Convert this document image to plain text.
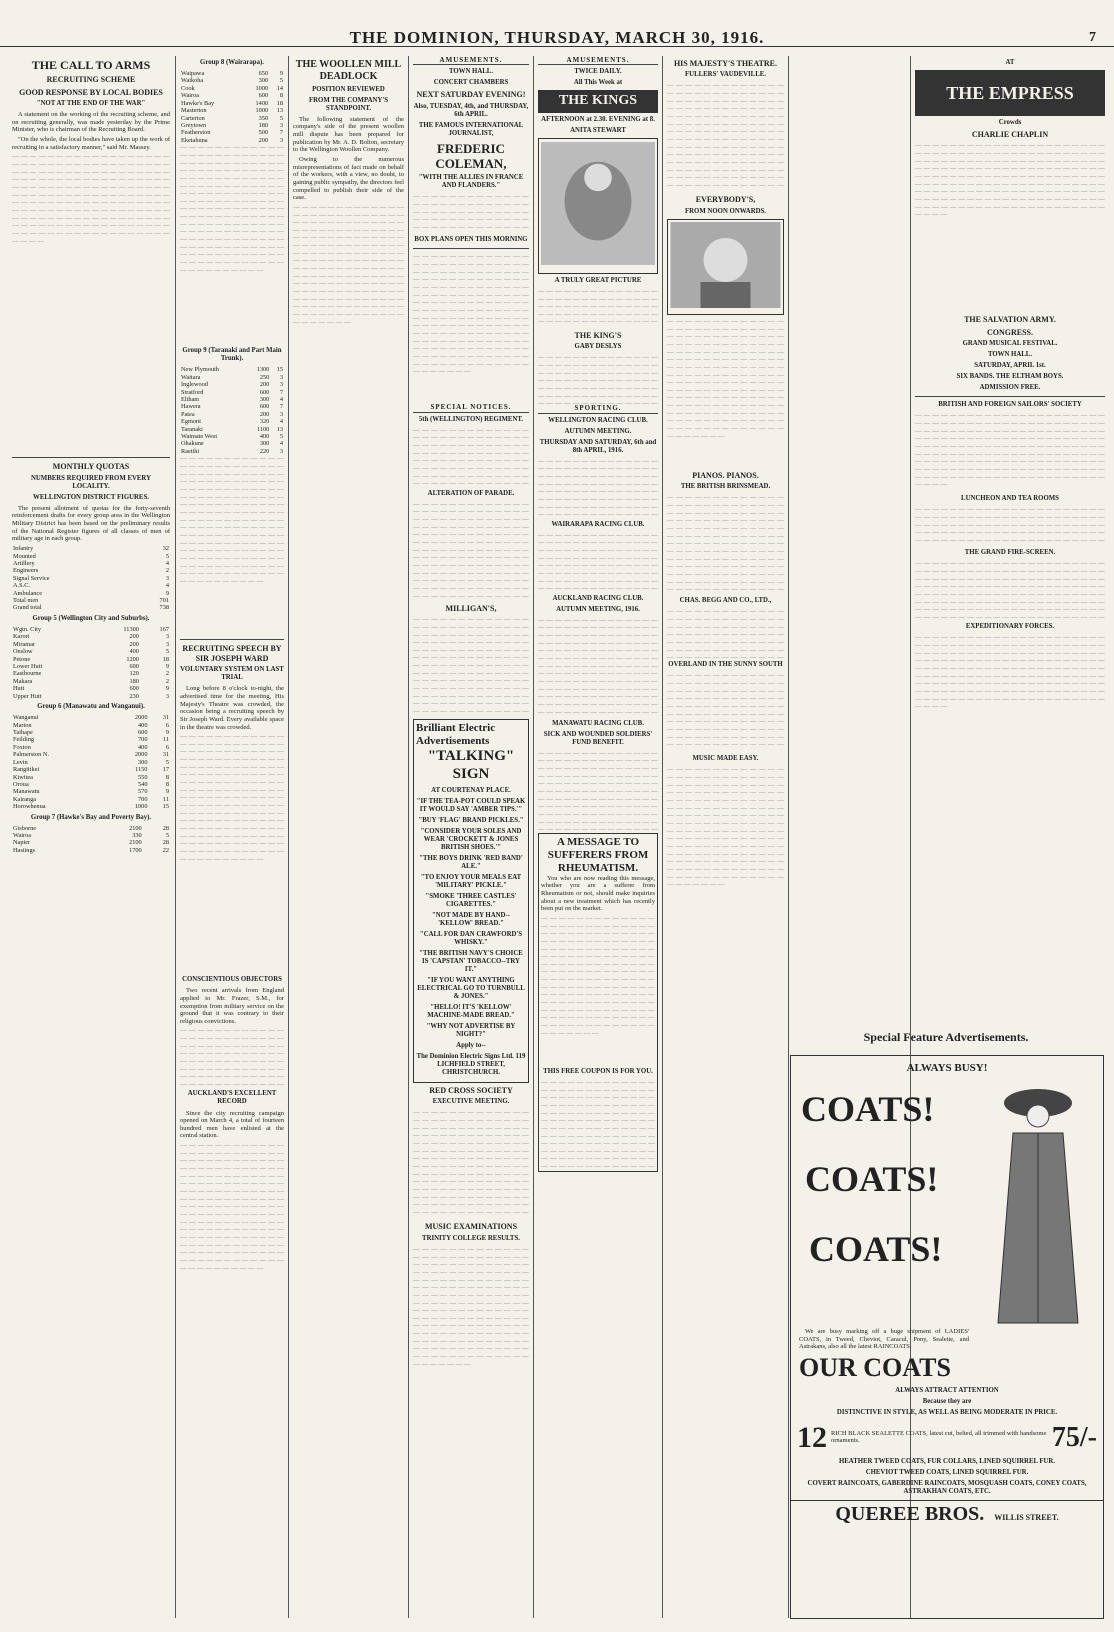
THE DOMINION, THURSDAY, MARCH 30, 1916.	7
THE CALL TO ARMS
RECRUITING SCHEME
GOOD RESPONSE BY LOCAL BODIES
"NOT AT THE END OF THE WAR"
A statement on the working of the recruiting scheme, and on recruiting generally, was made yesterday by the Prime Minister, who is chairman of the Recruiting Board.
"On the whole, the local bodies have taken up the work of recruiting in a satisfactory manner," said Mr. Massey.
— — —
MONTHLY QUOTAS
NUMBERS REQUIRED FROM EVERY LOCALITY.
WELLINGTON DISTRICT FIGURES.
The present allotment of quotas for the forty-seventh reinforcement drafts for every group area in the Wellington Military District has been based on the preliminary results of the National Register figures of all classes of men of military age in each group.
Infantry	32
Mounted	5
Artillery	4
Engineers	2
Signal Service	3
A.S.C.	4
Ambulance	9
Total men	701
Grand total	738
Group 5 (Wellington City and Suburbs).
Wgtn. City	11300	167
Karori	200	3
Miramar	200	3
Onslow	400	5
Petone	1200	18
Lower Hutt	600	9
Eastbourne	120	2
Makara	180	2
Hutt	600	9
Upper Hutt	230	3
Group 6 (Manawatu and Wanganui).
Wanganui	2000	31
Marton	400	6
Taihape	600	9
Feilding	700	11
Foxton	400	6
Palmerston N.	2000	31
Levin	300	5
Rangitikei	1150	17
Kiwitea	550	8
Oroua	540	8
Manawatu	570	9
Kairanga	700	11
Horowhenua	1000	15
Group 7 (Hawke's Bay and Poverty Bay).
Gisborne	2100	28
Wairoa	330	5
Napier	2100	28
Hastings	1700	22
Group 8 (Wairarapa).
Waipawa	650	9
Waikoha	300	5
Cook	1000	14
Wairoa	600	8
Hawke's Bay	1400	18
Masterton	1000	13
Carterton	350	5
Greytown	180	3
Featherston	500	7
Eketahuna	200	3
— — —
Group 9 (Taranaki and Part Main Trunk).
New Plymouth	1300	15
Waitara	250	3
Inglewood	200	3
Stratford	600	7
Eltham	300	4
Hawera	600	7
Patea	200	3
Egmont	320	4
Taranaki	1100	13
Waimate West	400	5
Ohakune	300	4
Raetihi	220	3
— — —
RECRUITING SPEECH BY SIR JOSEPH WARD
VOLUNTARY SYSTEM ON LAST TRIAL
Long before 8 o'clock to-night, the advertised time for the meeting, His Majesty's Theatre was crowded, the occasion being a recruiting speech by Sir Joseph Ward. Every available space in the theatre was crowded.
— — —
CONSCIENTIOUS OBJECTORS
Two recent arrivals from England applied to Mr. Frazer, S.M., for exemption from military service on the ground that it was contrary to their religious convictions.
— — —
AUCKLAND'S EXCELLENT RECORD
Since the city recruiting campaign opened on March 4, a total of fourteen hundred men have enlisted at the central station.
— — —
THE WOOLLEN MILL DEADLOCK
POSITION REVIEWED
FROM THE COMPANY'S STANDPOINT.
The following statement of the company's side of the present woollen mill dispute has been prepared for publication by Mr. A. D. Bolton, secretary to the Wellington Woollen Company.
Owing to the numerous misrepresentations of fact made on behalf of the workers, with a view, no doubt, to gaining public sympathy, the directors feel compelled to publish their side of the case.
— — —
AMUSEMENTS.
TOWN HALL.
CONCERT CHAMBERS
NEXT SATURDAY EVENING!
Also, TUESDAY, 4th, and THURSDAY, 6th APRIL.
THE FAMOUS INTERNATIONAL JOURNALIST,
FREDERIC COLEMAN,
"WITH THE ALLIES IN FRANCE AND FLANDERS."
— — —
BOX PLANS OPEN THIS MORNING
— — —
SPECIAL NOTICES.
5th (WELLINGTON) REGIMENT.
— — —
ALTERATION OF PARADE.
— — —
MILLIGAN'S,
— — —
Brilliant Electric Advertisements
"TALKING" SIGN
AT COURTENAY PLACE.
"IF THE TEA-POT COULD SPEAK IT WOULD SAY 'AMBER TIPS.'"
"BUY 'FLAG' BRAND PICKLES."
"CONSIDER YOUR SOLES AND WEAR 'CROCKETT & JONES BRITISH SHOES.'"
"THE BOYS DRINK 'RED BAND' ALE."
"TO ENJOY YOUR MEALS EAT 'MILITARY' PICKLE."
"SMOKE 'THREE CASTLES' CIGARETTES."
"NOT MADE BY HAND--'KELLOW' BREAD."
"CALL FOR DAN CRAWFORD'S WHISKY."
"THE BRITISH NAVY'S CHOICE IS 'CAPSTAN' TOBACCO--TRY IT."
"IF YOU WANT ANYTHING ELECTRICAL GO TO TURNBULL & JONES."
"HELLO! IT'S 'KELLOW' MACHINE-MADE BREAD."
"WHY NOT ADVERTISE BY NIGHT?"
Apply to--
The Dominion Electric Signs Ltd. 119 LICHFIELD STREET, CHRISTCHURCH.
RED CROSS SOCIETY
EXECUTIVE MEETING.
— — —
MUSIC EXAMINATIONS
TRINITY COLLEGE RESULTS.
— — —
AMUSEMENTS.
TWICE DAILY.
All This Week at
THE KINGS
AFTERNOON at 2.30. EVENING at 8.
ANITA STEWART
A TRULY GREAT PICTURE
— — —
THE KING'S
GABY DESLYS
— — —
SPORTING.
WELLINGTON RACING CLUB.
AUTUMN MEETING.
THURSDAY AND SATURDAY, 6th and 8th APRIL, 1916.
— — —
WAIRARAPA RACING CLUB.
— — —
AUCKLAND RACING CLUB.
AUTUMN MEETING, 1916.
— — —
MANAWATU RACING CLUB.
SICK AND WOUNDED SOLDIERS' FUND BENEFIT.
— — —
A MESSAGE TO SUFFERERS FROM RHEUMATISM.
You who are now reading this message, whether you are a sufferer from Rheumatism or not, should make inquiries about a new treatment which has recently been put on the market.
— — —
THIS FREE COUPON IS FOR YOU.
— — —
HIS MAJESTY'S THEATRE.
FULLERS' VAUDEVILLE.
— — —
EVERYBODY'S,
FROM NOON ONWARDS.
— — —
PIANOS. PIANOS.
THE BRITISH BRINSMEAD.
— — —
CHAS. BEGG AND CO., LTD.,
— — —
OVERLAND IN THE SUNNY SOUTH
— — —
MUSIC MADE EASY.
— — —
AT
THE EMPRESS
Crowds
CHARLIE CHAPLIN
— — —
THE SALVATION ARMY.
CONGRESS.
GRAND MUSICAL FESTIVAL.
TOWN HALL.
SATURDAY, APRIL 1st.
SIX BANDS. THE ELTHAM BOYS.
ADMISSION FREE.
BRITISH AND FOREIGN SAILORS' SOCIETY
— — —
LUNCHEON AND TEA ROOMS
— — —
THE GRAND FIRE-SCREEN.
— — —
EXPEDITIONARY FORCES.
— — —
Special Feature Advertisements.
ALWAYS BUSY!
COATS!
COATS!
COATS!
We are busy marking off a huge shipment of LADIES' COATS, in Tweed, Cheviot, Caracul, Pony, Sealette, and Astrakans, also all the latest RAINCOATS.
OUR COATS
ALWAYS ATTRACT ATTENTION
Because they are
DISTINCTIVE IN STYLE, AS WELL AS BEING MODERATE IN PRICE.
12 RICH BLACK SEALETTE COATS, latest cut, belted, all trimmed with handsome ornaments.	75/-
HEATHER TWEED COATS, FUR COLLARS, LINED SQUIRREL FUR.
CHEVIOT TWEED COATS, LINED SQUIRREL FUR.
COVERT RAINCOATS, GABERDINE RAINCOATS, MOSQUASH COATS, CONEY COATS, ASTRAKHAN COATS, ETC.
QUEREE BROS. WILLIS STREET.
